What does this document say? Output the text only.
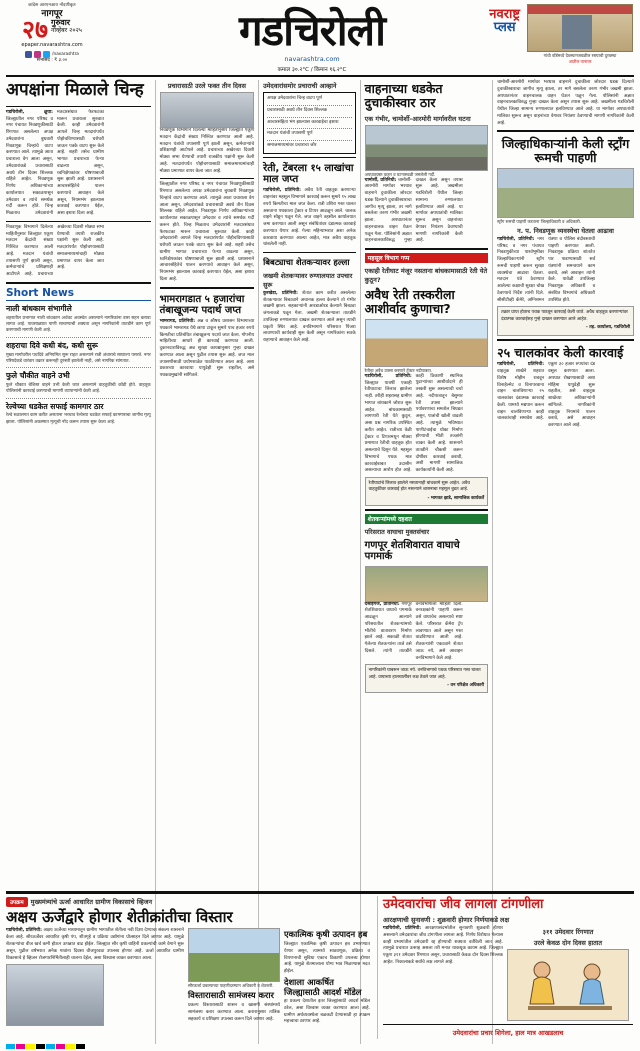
कांदेस आरएनआय नोंदणीकृत
नागपूर
२७ गुरुवार
नोव्हेंबर २०२५
epaper.navarashtra.com
/navarashtra
सभासद : ₹ ३.००
गडचिरोली	नवराष्ट्र
प्लस
navarashtra.com
कमाल ३०.२°C / किमान १६.२°C
गांधी वॉर्डमध्ये देवस्थानजवळील रस्त्याची दुरवस्था
आतील पानावर
अपक्षांना मिळाले चिन्ह
गडचिरोली, क्षुधा: जिल्ह्यातील नगर परिषद व नगर पंचायत निवडणुकीसाठी रिंगणात असलेल्या अपक्ष उमेदवारांना बुधवारी निवडणूक चिन्हांचे वाटप करण्यात आले. त्यामुळे आता प्रचाराला वेग आला असून, उमेदवारांकडे प्रचारासाठी अवघे तीन दिवस शिल्लक राहिले आहेत. निवडणूक निर्णय अधिकाऱ्यांच्या कार्यालयात सकाळपासून उमेदवार व त्यांचे समर्थक गर्दी करून होते. चिन्ह मिळताच उमेदवारांनी मतदारसंघात फेरफटका मारून प्रचाराला सुरुवात केली. काही उमेदवारांनी आपले चिन्ह मतदारांपर्यंत पोहोचविण्यासाठी घरोघरी जाऊन पत्रके वाटप सुरू केले आहे. शहरी तसेच ग्रामीण भागात प्रचाराच्या फेऱ्या वाढल्या असून, ध्वनिक्षेपकांवर घोषणाबाजी सुरू झाली आहे. प्रशासनाने आचारसंहितेचे पालन करण्याचे आवाहन केले असून, नियमभंग झाल्यास कारवाई करण्यात येईल, असा इशारा दिला आहे.
निवडणूक विभागाने दिलेल्या माहितीनुसार जिल्ह्यात एकूण मतदान केंद्रांची संख्या निश्चित करण्यात आली आहे. मतदान यंत्रांची तपासणी पूर्ण झाली असून, कर्मचाऱ्यांचे प्रशिक्षणही आटोपले आहे. प्रचाराच्या अखेरच्या दिवशी मोठ्या सभा घेण्याची तयारी राजकीय पक्षांनी सुरू केली आहे. मतदारांपर्यंत पोहोचण्यासाठी समाजमाध्यमांचाही मोठ्या प्रमाणात वापर केला जात आहे.
Short News
नाली बांधकाम संभागीले
शहरातील प्रभागात नाली बांधकाम अर्धवट अवस्थेत असल्याने नागरिकांना त्रास सहन करावा लागत आहे. पावसाळ्यात पाणी साचण्याची शक्यता असून नागरिकांनी तातडीने काम पूर्ण करण्याची मागणी केली आहे.
शहराचा दिवे कधी बंद, कधी सुरू
मुख्य मार्गावरील पथदिवे अनियमित सुरू राहत असल्याने रात्री अंधाराचे साम्राज्य पसरते. नगर परिषदेकडे वारंवार तक्रार करूनही दुरुस्ती झालेली नाही, असे नागरिक सांगतात.
फुले चौकीत वाहने उभी
फुले चौकात बेशिस्त वाहने उभी केली जात असल्याने वाहतुकीची कोंडी होते. वाहतूक पोलिसांनी कारवाई करण्याची मागणी व्यापाऱ्यांनी केली आहे.
रेल्वेच्या धडकेत सफाई कामगार ठार
रेल्वे रुळालगत काम करीत असताना भरधाव रेल्वेच्या धडकेत सफाई कामगाराचा जागीच मृत्यू झाला. पोलिसांनी अकस्मात मृत्यूची नोंद करून तपास सुरू केला आहे.
प्रचारासाठी उरले फक्त तीन दिवस
निवडणूक विभागाने दिलेल्या माहितीनुसार जिल्ह्यात एकूण मतदान केंद्रांची संख्या निश्चित करण्यात आली आहे. मतदान यंत्रांची तपासणी पूर्ण झाली असून, कर्मचाऱ्यांचे प्रशिक्षणही आटोपले आहे. प्रचाराच्या अखेरच्या दिवशी मोठ्या सभा घेण्याची तयारी राजकीय पक्षांनी सुरू केली आहे. मतदारांपर्यंत पोहोचण्यासाठी समाजमाध्यमांचाही मोठ्या प्रमाणात वापर केला जात आहे.
जिल्ह्यातील नगर परिषद व नगर पंचायत निवडणुकीसाठी रिंगणात असलेल्या अपक्ष उमेदवारांना बुधवारी निवडणूक चिन्हांचे वाटप करण्यात आले. त्यामुळे आता प्रचाराला वेग आला असून, उमेदवारांकडे प्रचारासाठी अवघे तीन दिवस शिल्लक राहिले आहेत. निवडणूक निर्णय अधिकाऱ्यांच्या कार्यालयात सकाळपासून उमेदवार व त्यांचे समर्थक गर्दी करून होते. चिन्ह मिळताच उमेदवारांनी मतदारसंघात फेरफटका मारून प्रचाराला सुरुवात केली. काही उमेदवारांनी आपले चिन्ह मतदारांपर्यंत पोहोचविण्यासाठी घरोघरी जाऊन पत्रके वाटप सुरू केले आहे. शहरी तसेच ग्रामीण भागात प्रचाराच्या फेऱ्या वाढल्या असून, ध्वनिक्षेपकांवर घोषणाबाजी सुरू झाली आहे. प्रशासनाने आचारसंहितेचे पालन करण्याचे आवाहन केले असून, नियमभंग झाल्यास कारवाई करण्यात येईल, असा इशारा दिला आहे.
भामरागडात ५ हजारांचा तंबाखूजन्य पदार्थ जप्त
भामरागड, प्रतिनिधी: अन्न व औषध प्रशासन विभागाच्या पथकाने भामरागड येथे छापा टाकून सुमारे पाच हजार रुपये किमतीचा प्रतिबंधित तंबाखूजन्य पदार्थ जप्त केला. गोपनीय माहितीच्या आधारे ही कारवाई करण्यात आली. दुकानदाराविरुद्ध अन्न सुरक्षा कायद्यानुसार गुन्हा दाखल करण्यात आला असून पुढील तपास सुरू आहे. जप्त माल तपासणीसाठी प्रयोगशाळेत पाठविण्यात आला आहे. अशा प्रकारच्या कारवाया यापुढेही सुरू राहतील, असे पथकप्रमुखांनी सांगितले.
उमेदवारांसमोर प्रचाराची आव्हाने
अपक्ष उमेदवारांना चिन्ह वाटप पूर्ण
प्रचारासाठी अवघे तीन दिवस शिल्लक
आचारसंहिता भंग झाल्यास कारवाईचा इशारा
मतदान यंत्रांची तपासणी पूर्ण
समाजमाध्यमांवर प्रचाराचा जोर
रेती, टेंबरला १५ लाखांचा माल जप्त
गडचिरोली, प्रतिनिधी: अवैध रेती वाहतूक करणाऱ्या वाहनांवर महसूल विभागाने कारवाई करून सुमारे १५ लाख रुपये किमतीचा माल जप्त केला. रात्री उशिरा गस्त घालत असताना पथकाला ट्रॅक्टर व टिप्पर आढळून आले. चालक वाहने सोडून पळून गेले. जप्त वाहने तहसील कार्यालयात जमा करण्यात आली असून संबंधितांवर दंडात्मक कारवाई करण्यात येणार आहे. गेल्या महिन्याभरात अशा अनेक कारवाया करण्यात आल्या आहेत, मात्र अवैध वाहतूक थांबलेली नाही.
बिबट्याचा शेतकऱ्यावर हल्ला
जखमी शेतकऱ्यावर रुग्णालयात उपचार सुरू
कुरखेडा, प्रतिनिधी: शेतात काम करीत असलेल्या शेतकऱ्यावर बिबट्याने अचानक हल्ला केल्याने तो गंभीर जखमी झाला. सहकाऱ्यांनी आरडाओरड केल्याने बिबट्या जंगलाकडे पळून गेला. जखमी शेतकऱ्याला तातडीने उपजिल्हा रुग्णालयात दाखल करण्यात आले असून त्याची प्रकृती स्थिर आहे. वनविभागाने परिसरात पिंजरा लावण्याची कार्यवाही सुरू केली असून नागरिकांना सतर्क राहण्याचे आवाहन केले आहे.
वाहनाच्या धडकेत दुचाकीस्वार ठार
एक गंभीर, चामोर्शी-आरमोरी मार्गावरील घटना
अपघातग्रस्त वाहन व घटनास्थळी जमलेली गर्दी.
चामोर्शी, प्रतिनिधी: चामोर्शी-आरमोरी मार्गावर भरधाव वाहनाने दुचाकीला जोरदार धडक दिल्याने दुचाकीस्वाराचा जागीच मृत्यू झाला, तर मागे बसलेला तरुण गंभीर जखमी झाला. अपघातानंतर वाहनचालक वाहन घेऊन पळून गेला. पोलिसांनी अज्ञात वाहनचालकाविरुद्ध गुन्हा दाखल केला असून तपास सुरू आहे. जखमीला गडचिरोली येथील जिल्हा सामान्य रुग्णालयात हलविण्यात आले आहे. या मार्गावर अपघातांची मालिका सुरूच असून वाहनांच्या वेगावर नियंत्रण ठेवण्याची मागणी नागरिकांनी केली आहे.
महसूल विभाग गप्प
एकाही रेतीघाट मंजूर नसताना बांधकामासाठी रेती येते कुठून?
अवैध रेती तस्करीला आशीर्वाद कुणाचा?
रेतीचा अवैध उपसा करणारे ट्रॅक्टर नदीपात्रात.
गडचिरोली, प्रतिनिधी: जिल्ह्यात यावर्षी एकाही रेतीघाटाचा लिलाव झालेला नाही. तरीही शहरासह ग्रामीण भागात बांधकामे जोरात सुरू आहेत. बांधकामासाठी लागणारी रेती येते कुठून, असा प्रश्न नागरिक उपस्थित करीत आहेत. रात्रीच्या वेळी ट्रॅक्टर व टिप्परमधून मोठ्या प्रमाणात रेतीची वाहतूक होत असल्याचे दिसून येते. महसूल विभागाचे पथक मात्र कारवाईबाबत उदासीन असल्याचा आरोप होत आहे. काही ठिकाणी स्थानिक पुढाऱ्यांच्या आशीर्वादाने ही तस्करी सुरू असल्याची चर्चा आहे. नदीपात्रातून बेसुमार रेती उपसा झाल्याने पर्यावरणाचा समतोल बिघडत असून, पात्रांची खोली वाढली आहे. त्यामुळे भविष्यात पाणीटंचाईचा धोका निर्माण होण्याची भीती तज्ज्ञांनी व्यक्त केली आहे. शासनाने तातडीने चौकशी करून दोषींवर कारवाई करावी, अशी मागणी सामाजिक कार्यकर्त्यांनी केली आहे.
रेतीघाटांचे लिलाव झालेले नसतानाही बांधकामे सुरू आहेत. अवैध वाहतुकीवर कारवाई होत नसल्याने शासनाचा महसूल बुडत आहे.
- भागवत झाडे, सामाजिक कार्यकर्ते
शेतकऱ्यांमध्ये दहशत
परिसरात वाघाचा मुक्तसंचार
गणपूर शेतशिवारात वाघाचे पगमार्क
देसाईगंज, प्रतिनिधी: गणपूर शेतशिवारात वाघाचे पगमार्क आढळून आल्याने परिसरातील शेतकऱ्यांमध्ये भीतीचे वातावरण निर्माण झाले आहे. सकाळी शेतात गेलेल्या शेतकऱ्यांना ताजे ठसे दिसले. त्यांनी तातडीने वनविभागाला माहिती दिली. वनरक्षकांनी पाहणी करून ठसे वाघाचेच असल्याचे स्पष्ट केले. परिसरात कॅमेरा ट्रॅप लावण्यात आले असून गस्त वाढविण्यात आली आहे. शेतकऱ्यांनी एकट्याने शेतात जाऊ नये, असे आवाहन वनविभागाने केले आहे.
नागरिकांनी घाबरून जाऊ नये. वनविभागाचे पथक परिसरात गस्त घालत आहे. वाघाच्या हालचालींवर लक्ष ठेवले जात आहे.
- वन परिक्षेत्र अधिकारी
चामोर्शी-आरमोरी मार्गावर भरधाव वाहनाने दुचाकीला जोरदार धडक दिल्याने दुचाकीस्वाराचा जागीच मृत्यू झाला, तर मागे बसलेला तरुण गंभीर जखमी झाला. अपघातानंतर वाहनचालक वाहन घेऊन पळून गेला. पोलिसांनी अज्ञात वाहनचालकाविरुद्ध गुन्हा दाखल केला असून तपास सुरू आहे. जखमीला गडचिरोली येथील जिल्हा सामान्य रुग्णालयात हलविण्यात आले आहे. या मार्गावर अपघातांची मालिका सुरूच असून वाहनांच्या वेगावर नियंत्रण ठेवण्याची मागणी नागरिकांनी केली आहे.
जिल्हाधिकाऱ्यांनी केली स्ट्राँग रूमची पाहणी
स्ट्राँग रूमची पाहणी करताना जिल्हाधिकारी व अधिकारी.
न. प. निवडणूक व्यवस्थेचा घेतला आढावा
गडचिरोली, प्रतिनिधी: नगर परिषद व नगर पंचायत निवडणुकीच्या पार्श्वभूमीवर जिल्हाधिकाऱ्यांनी स्ट्राँग रूमची पाहणी करून सुरक्षा व्यवस्थेचा आढावा घेतला. मतदान यंत्रे ठेवण्यात आलेल्या कक्षाची सुरक्षा चोख ठेवण्याचे निर्देश त्यांनी दिले. सीसीटीव्ही कॅमेरे, अग्निशमन यंत्रणा व पोलिस बंदोबस्ताची पाहणी करण्यात आली. निवडणूक प्रक्रिया शांततेत पार पाडण्यासाठी सर्व यंत्रणांनी समन्वयाने काम करावे, असे आवाहन त्यांनी केले. यावेळी उपजिल्हा निवडणूक अधिकारी व संबंधित विभागांचे अधिकारी उपस्थित होते.
तक्रार प्राप्त होताच पथक पाठवून कारवाई केली जाते. अवैध वाहतूक करणाऱ्यांवर दंडात्मक कारवाईसह गुन्हे दाखल करण्यात आले आहेत.
- तह. कार्यालय, गडचिरोली
२५ चालकांवर केली कारवाई
गडचिरोली, प्रतिनिधी: वाहतूक शाखेने शहरात विशेष मोहीम राबवून विनाहेल्मेट व विनापरवाना वाहन चालविणाऱ्या २५ चालकांवर दंडात्मक कारवाई केली. यामध्ये मद्यपान करून वाहन चालविणाऱ्या काही चालकांचाही समावेश आहे. एकूण ३० हजार रुपयांचा दंड वसूल करण्यात आला. अपघात रोखण्यासाठी अशा मोहिमा यापुढेही सुरू राहतील, असे वाहतूक शाखेच्या अधिकाऱ्यांनी सांगितले. नागरिकांनी वाहतूक नियमांचे पालन करावे, असे आवाहन करण्यात आले आहे.
उपक्रम	मुख्यमंत्र्यांचे ऊर्जा आधारित ग्रामीण विकासाचे व्हिजन
अक्षय ऊर्जेद्वारे होणार शेतीक्रांतीचा विस्तार
गडचिरोली, प्रतिनिधी: अक्षय ऊर्जेच्या माध्यमातून ग्रामीण भागातील शेतीला नवी दिशा देण्याचा संकल्प शासनाने केला आहे. सौरऊर्जेवर आधारित कृषी पंप, शीतगृहे व प्रक्रिया उद्योगांना प्रोत्साहन दिले जाणार आहे. यामुळे शेतकऱ्यांचा वीज खर्च कमी होऊन उत्पन्नात वाढ होईल. जिल्ह्यात सौर कृषी वाहिनी प्रकल्पांची कामे वेगाने सुरू असून, पुढील वर्षभरात अनेक गावांना दिवसा वीजपुरवठा उपलब्ध होणार आहे. ऊर्जा आधारित ग्रामीण विकासाचे हे व्हिजन रोजगारनिर्मितीलाही चालना देईल, असा विश्वास व्यक्त करण्यात आला.
सौरऊर्जा प्रकल्पाच्या पाहणीदरम्यान अधिकारी व शेतकरी.
विस्तारासाठी सामंजस्य करार
प्रकल्प विस्तारासाठी शासन व खासगी संस्थांमध्ये सामंजस्य करार करण्यात आला. करारानुसार तांत्रिक सहकार्य व प्रशिक्षण उपलब्ध करून दिले जाणार आहे.
एकात्मिक कृषी उत्पादन हब
जिल्ह्यात एकात्मिक कृषी उत्पादन हब उभारण्यात येणार असून, त्यामध्ये साठवणूक, प्रक्रिया व विपणनाची सुविधा एकाच ठिकाणी उपलब्ध होणार आहे. यामुळे शेतमालाला योग्य भाव मिळण्यास मदत होईल.
देशाला आकर्षित जिल्ह्यासाठी आदर्श मॉडेल
हा प्रकल्प देशातील इतर जिल्ह्यांसाठी आदर्श मॉडेल ठरेल, असा विश्वास व्यक्त करण्यात आला आहे. ग्रामीण अर्थव्यवस्थेला बळकटी देण्यासाठी हा उपक्रम महत्त्वाचा ठरणार आहे.
उमेदवारांचा जीव लागला टांगणीला
आरक्षणाची सुनावणी : शुक्रवारी होणार निर्णयाकडे लक्ष
गडचिरोली, प्रतिनिधी: आरक्षणासंदर्भातील सुनावणी शुक्रवारी होणार असल्याने उमेदवारांचा जीव टांगणीला लागला आहे. निर्णय विरोधात गेल्यास काही प्रभागांतील उमेदवारी रद्द होण्याची शक्यता वर्तविली जात आहे. त्यामुळे प्रचारात उत्साह असला तरी मनात धाकधूक कायम आहे. जिल्ह्यात एकूण ३११ उमेदवार रिंगणात असून, प्रचारासाठी केवळ दोन दिवस शिल्लक आहेत. निकालाकडे सर्वांचे लक्ष लागले आहे.
३११ उमेदवार रिंगणात
उरले केवळ दोन दिवस हातात
उमेदवारांचा प्रचार शिगेला, हाल मात्र आखडलाच
